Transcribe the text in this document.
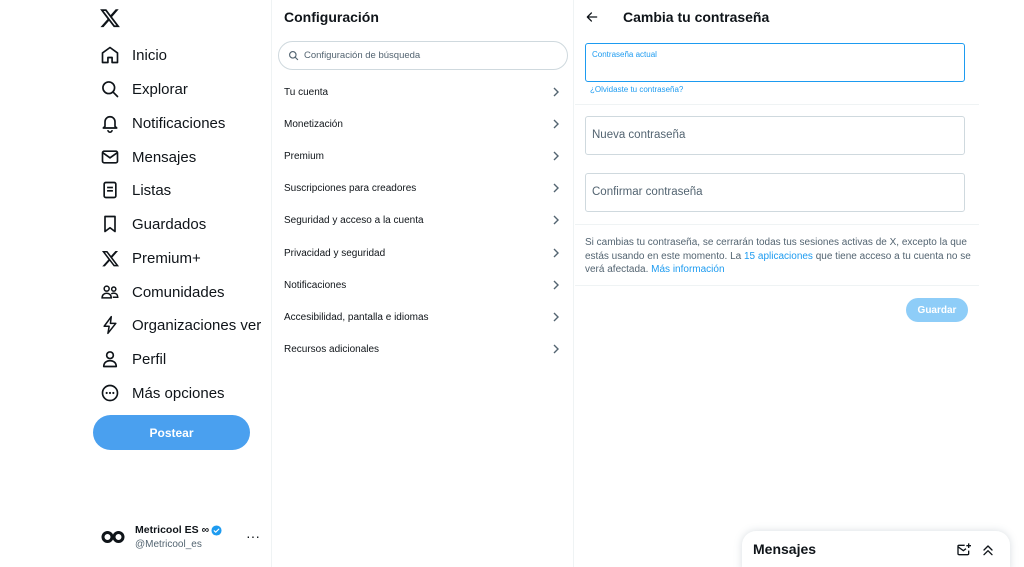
Inicio
Explorar
Notificaciones
Mensajes
Listas
Guardados
Premium+
Comunidades
Organizaciones ver
Perfil
Más opciones
Postear
Metricool ES ∞
@Metricool_es
···
Configuración
Configuración de búsqueda
Tu cuenta
Monetización
Premium
Suscripciones para creadores
Seguridad y acceso a la cuenta
Privacidad y seguridad
Notificaciones
Accesibilidad, pantalla e idiomas
Recursos adicionales
Cambia tu contraseña
Contraseña actual
¿Olvidaste tu contraseña?
Nueva contraseña
Confirmar contraseña
Si cambias tu contraseña, se cerrarán todas tus sesiones activas de X, excepto la que estás usando en este momento. La 15 aplicaciones que tiene acceso a tu cuenta no se verá afectada. Más información
Guardar
Mensajes
